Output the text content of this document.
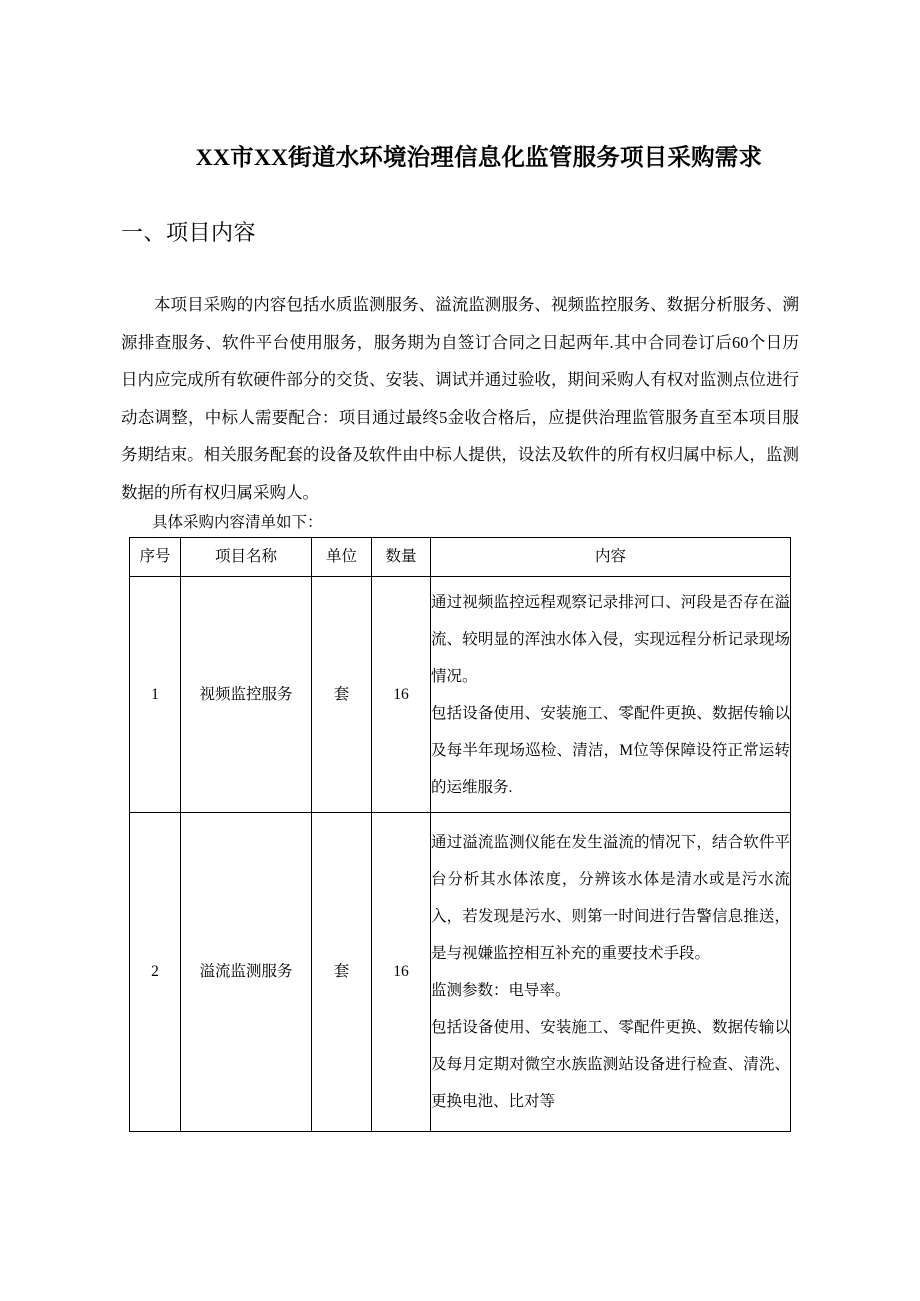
XX市XX街道水环境治理信息化监管服务项目采购需求
一、项目内容

本项目采购的内容包括水质监测服务、溢流监测服务、视频监控服务、数据分析服务、溯源排查服务、软件平台使用服务，服务期为自签订合同之日起两年.其中合同卷订后60个日历日内应完成所有软硬件部分的交货、安装、调试并通过验收，期间采购人有权对监测点位进行动态调整，中标人需要配合：项目通过最终5金收合格后，应提供治理监管服务直至本项目服务期结束。相关服务配套的设备及软件由中标人提供，设法及软件的所有权归属中标人，监测数据的所有权归属采购人。

具体采购内容清单如下：

序号	项目名称	单位	数量	内容
1	视频监控服务	套	16	通过视频监控远程观察记录排河口、河段是否存在溢流、较明显的浑浊水体入侵，实现远程分析记录现场情况。

包括设备使用、安装施工、零配件更换、数据传输以及每半年现场巡检、清洁，M位等保障设符正常运转的运维服务.

2	溢流监测服务	套	16	通过溢流监测仪能在发生溢流的情况下，结合软件平台分析其水体浓度，分辨该水体是清水或是污水流入，若发现是污水、则第一时间进行告警信息推送，是与视嫌监控相互补充的重要技术手段。

监测参数：电导率。

包括设备使用、安装施工、零配件更换、数据传输以及每月定期对微空水族监测站设备进行检查、清洗、更换电池、比对等
